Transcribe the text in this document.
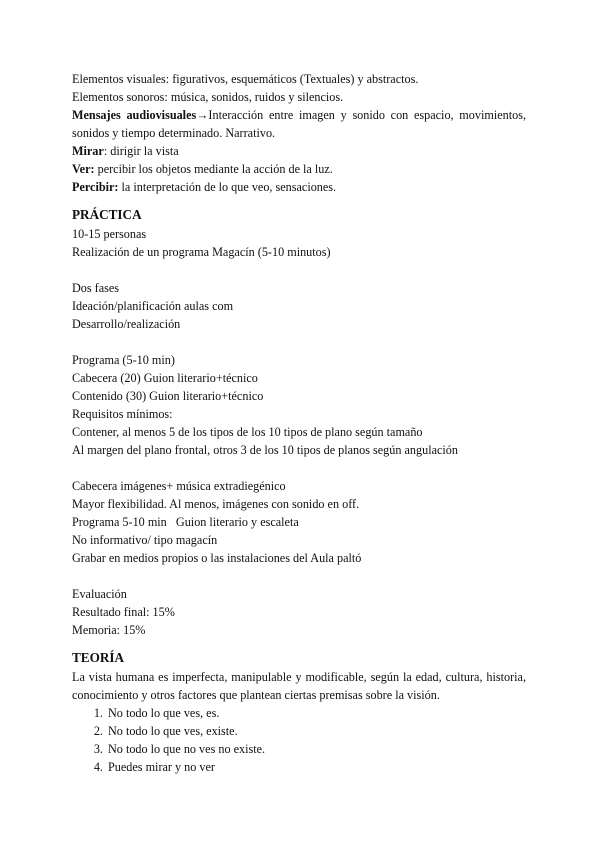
Elementos visuales: figurativos, esquemáticos (Textuales) y abstractos.
Elementos sonoros: música, sonidos, ruidos y silencios.
Mensajes audiovisuales→Interacción entre imagen y sonido con espacio, movimientos, sonidos y tiempo determinado. Narrativo.
Mirar: dirigir la vista
Ver: percibir los objetos mediante la acción de la luz.
Percibir: la interpretación de lo que veo, sensaciones.
PRÁCTICA
10-15 personas
Realización de un programa Magacín (5-10 minutos)
Dos fases
Ideación/planificación aulas com
Desarrollo/realización
Programa (5-10 min)
Cabecera (20) Guion literario+técnico
Contenido (30) Guion literario+técnico
Requisitos mínimos:
Contener, al menos 5 de los tipos de los 10 tipos de plano según tamaño
Al margen del plano frontal, otros 3 de los 10 tipos de planos según angulación
Cabecera imágenes+ música extradiegénico
Mayor flexibilidad. Al menos, imágenes con sonido en off.
Programa 5-10 min   Guion literario y escaleta
No informativo/ tipo magacín
Grabar en medios propios o las instalaciones del Aula paltó
Evaluación
Resultado final: 15%
Memoria: 15%
TEORÍA
La vista humana es imperfecta, manipulable y modificable, según la edad, cultura, historia, conocimiento y otros factores que plantean ciertas premisas sobre la visión.
1. No todo lo que ves, es.
2. No todo lo que ves, existe.
3. No todo lo que no ves no existe.
4. Puedes mirar y no ver
